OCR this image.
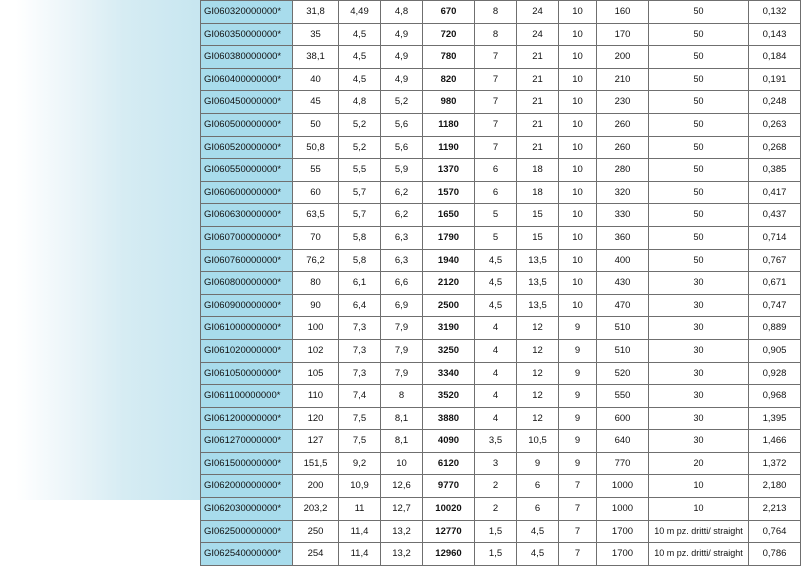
GI060320000000*	31,8	4,49	4,8	670	8	24	10	160	50	0,132
GI060350000000*	35	4,5	4,9	720	8	24	10	170	50	0,143
GI060380000000*	38,1	4,5	4,9	780	7	21	10	200	50	0,184
GI060400000000*	40	4,5	4,9	820	7	21	10	210	50	0,191
GI060450000000*	45	4,8	5,2	980	7	21	10	230	50	0,248
GI060500000000*	50	5,2	5,6	1180	7	21	10	260	50	0,263
GI060520000000*	50,8	5,2	5,6	1190	7	21	10	260	50	0,268
GI060550000000*	55	5,5	5,9	1370	6	18	10	280	50	0,385
GI060600000000*	60	5,7	6,2	1570	6	18	10	320	50	0,417
GI060630000000*	63,5	5,7	6,2	1650	5	15	10	330	50	0,437
GI060700000000*	70	5,8	6,3	1790	5	15	10	360	50	0,714
GI060760000000*	76,2	5,8	6,3	1940	4,5	13,5	10	400	50	0,767
GI060800000000*	80	6,1	6,6	2120	4,5	13,5	10	430	30	0,671
GI060900000000*	90	6,4	6,9	2500	4,5	13,5	10	470	30	0,747
GI061000000000*	100	7,3	7,9	3190	4	12	9	510	30	0,889
GI061020000000*	102	7,3	7,9	3250	4	12	9	510	30	0,905
GI061050000000*	105	7,3	7,9	3340	4	12	9	520	30	0,928
GI061100000000*	110	7,4	8	3520	4	12	9	550	30	0,968
GI061200000000*	120	7,5	8,1	3880	4	12	9	600	30	1,395
GI061270000000*	127	7,5	8,1	4090	3,5	10,5	9	640	30	1,466
GI061500000000*	151,5	9,2	10	6120	3	9	9	770	20	1,372
GI062000000000*	200	10,9	12,6	9770	2	6	7	1000	10	2,180
GI062030000000*	203,2	11	12,7	10020	2	6	7	1000	10	2,213
GI062500000000*	250	11,4	13,2	12770	1,5	4,5	7	1700	10 m pz. dritti/ straight	0,764
GI062540000000*	254	11,4	13,2	12960	1,5	4,5	7	1700	10 m pz. dritti/ straight	0,786
